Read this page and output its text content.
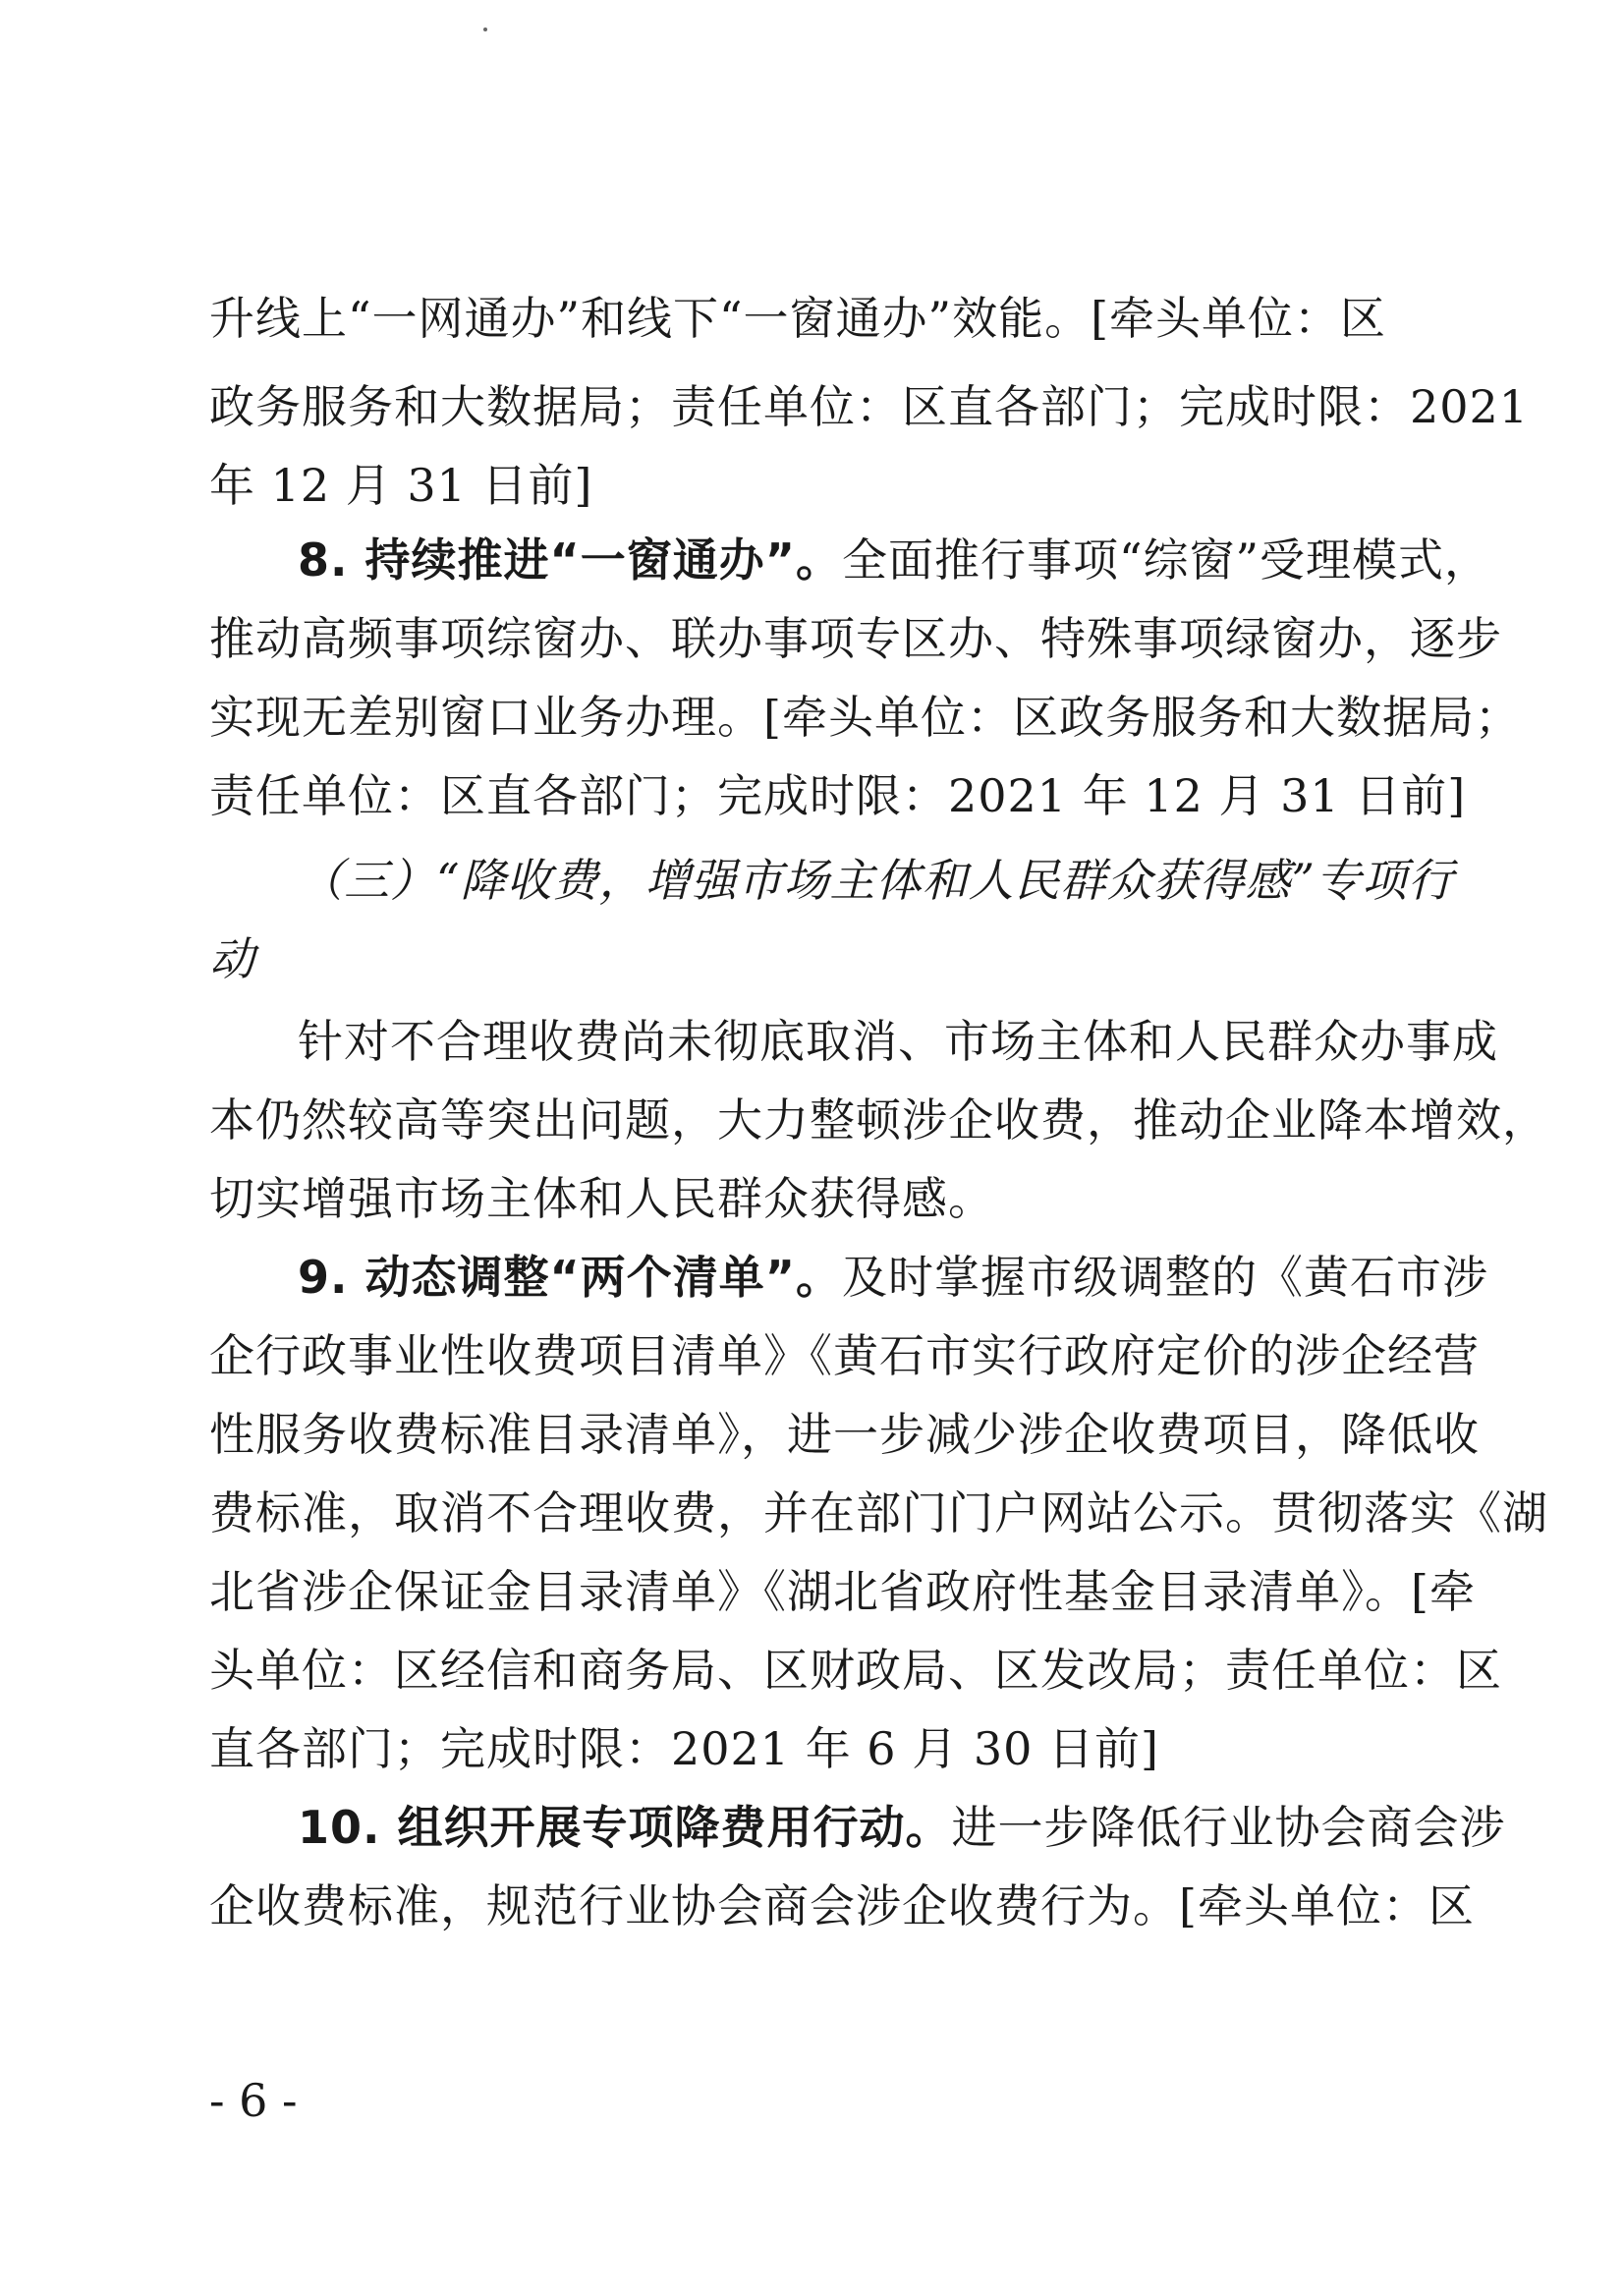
升线上“一网通办”和线下“一窗通办”效能。[牵头单位：区
政务服务和大数据局；责任单位：区直各部门；完成时限：2021
年 12 月 31 日前]
8. 持续推进“一窗通办”。全面推行事项“综窗”受理模式，
推动高频事项综窗办、联办事项专区办、特殊事项绿窗办，逐步
实现无差别窗口业务办理。[牵头单位：区政务服务和大数据局；
责任单位：区直各部门；完成时限：2021 年 12 月 31 日前]
（三）“降收费，增强市场主体和人民群众获得感”专项行
动
针对不合理收费尚未彻底取消、市场主体和人民群众办事成
本仍然较高等突出问题，大力整顿涉企收费，推动企业降本增效，
切实增强市场主体和人民群众获得感。
9. 动态调整“两个清单”。及时掌握市级调整的《黄石市涉
企行政事业性收费项目清单》《黄石市实行政府定价的涉企经营
性服务收费标准目录清单》，进一步减少涉企收费项目，降低收
费标准，取消不合理收费，并在部门门户网站公示。贯彻落实《湖
北省涉企保证金目录清单》《湖北省政府性基金目录清单》。[牵
头单位：区经信和商务局、区财政局、区发改局；责任单位：区
直各部门；完成时限：2021 年 6 月 30 日前]
10. 组织开展专项降费用行动。进一步降低行业协会商会涉
企收费标准，规范行业协会商会涉企收费行为。[牵头单位：区
- 6 -
